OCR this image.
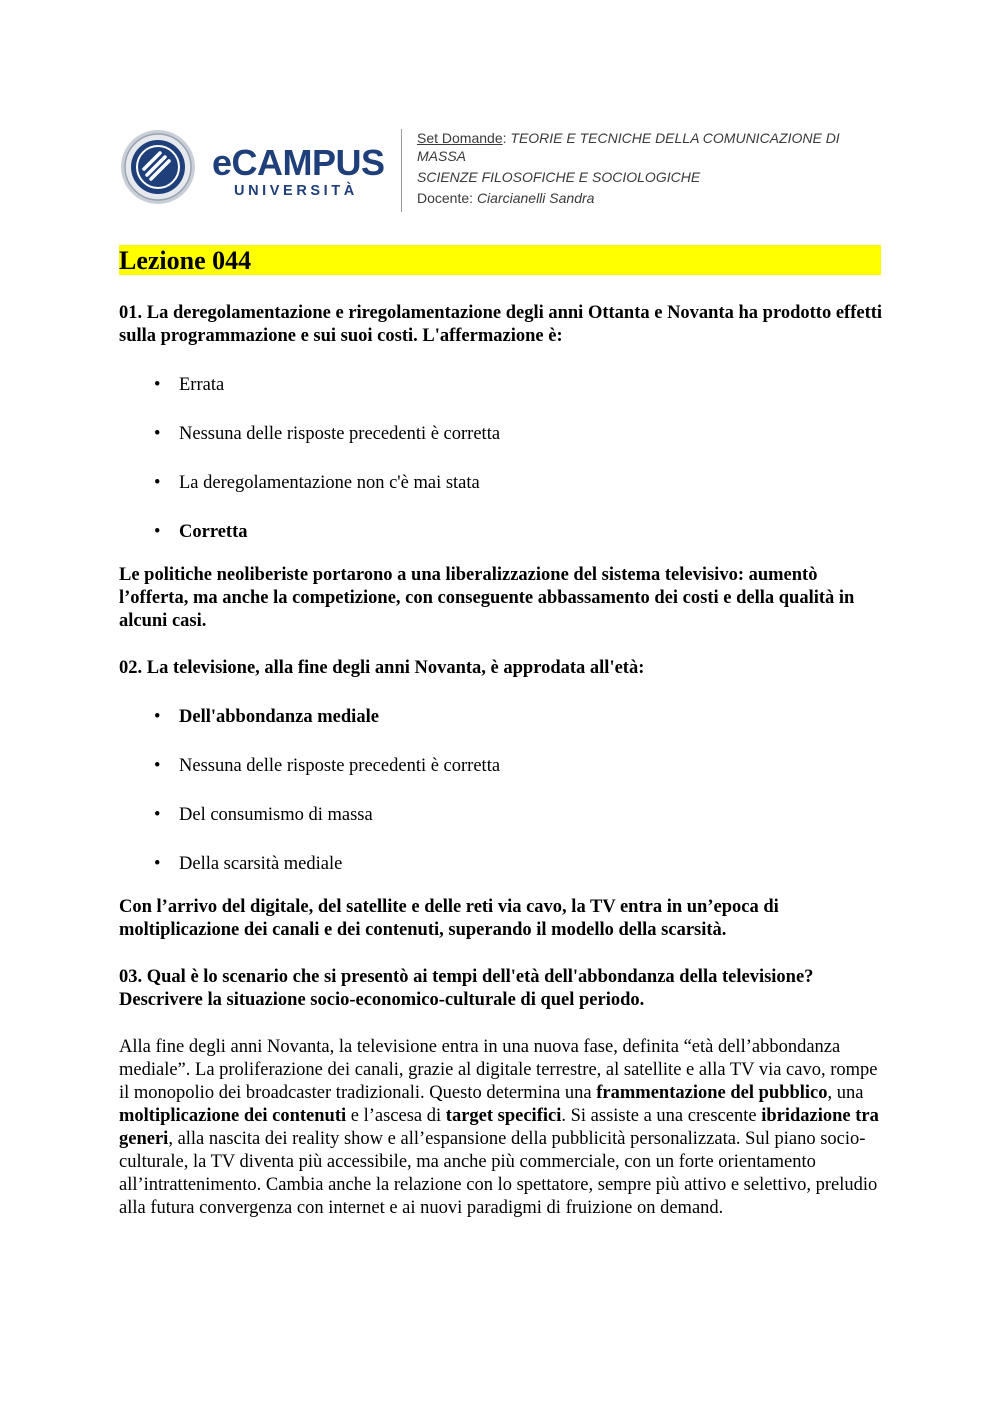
eCAMPUS
UNIVERSITÀ
Set Domande: TEORIE E TECNICHE DELLA COMUNICAZIONE DI MASSA
SCIENZE FILOSOFICHE E SOCIOLOGICHE
Docente: Ciarcianelli Sandra
Lezione 044

01. La deregolamentazione e riregolamentazione degli anni Ottanta e Novanta ha prodotto effetti sulla programmazione e sui suoi costi. L'affermazione è:

• Errata
• Nessuna delle risposte precedenti è corretta
• La deregolamentazione non c'è mai stata
• Corretta

Le politiche neoliberiste portarono a una liberalizzazione del sistema televisivo: aumentò l’offerta, ma anche la competizione, con conseguente abbassamento dei costi e della qualità in alcuni casi.

02. La televisione, alla fine degli anni Novanta, è approdata all'età:

• Dell'abbondanza mediale
• Nessuna delle risposte precedenti è corretta
• Del consumismo di massa
• Della scarsità mediale

Con l’arrivo del digitale, del satellite e delle reti via cavo, la TV entra in un’epoca di moltiplicazione dei canali e dei contenuti, superando il modello della scarsità.

03. Qual è lo scenario che si presentò ai tempi dell'età dell'abbondanza della televisione? Descrivere la situazione socio-economico-culturale di quel periodo.

Alla fine degli anni Novanta, la televisione entra in una nuova fase, definita “età dell’abbondanza mediale”. La proliferazione dei canali, grazie al digitale terrestre, al satellite e alla TV via cavo, rompe il monopolio dei broadcaster tradizionali. Questo determina una frammentazione del pubblico, una moltiplicazione dei contenuti e l’ascesa di target specifici. Si assiste a una crescente ibridazione tra generi, alla nascita dei reality show e all’espansione della pubblicità personalizzata. Sul piano socio-culturale, la TV diventa più accessibile, ma anche più commerciale, con un forte orientamento all’intrattenimento. Cambia anche la relazione con lo spettatore, sempre più attivo e selettivo, preludio alla futura convergenza con internet e ai nuovi paradigmi di fruizione on demand.
